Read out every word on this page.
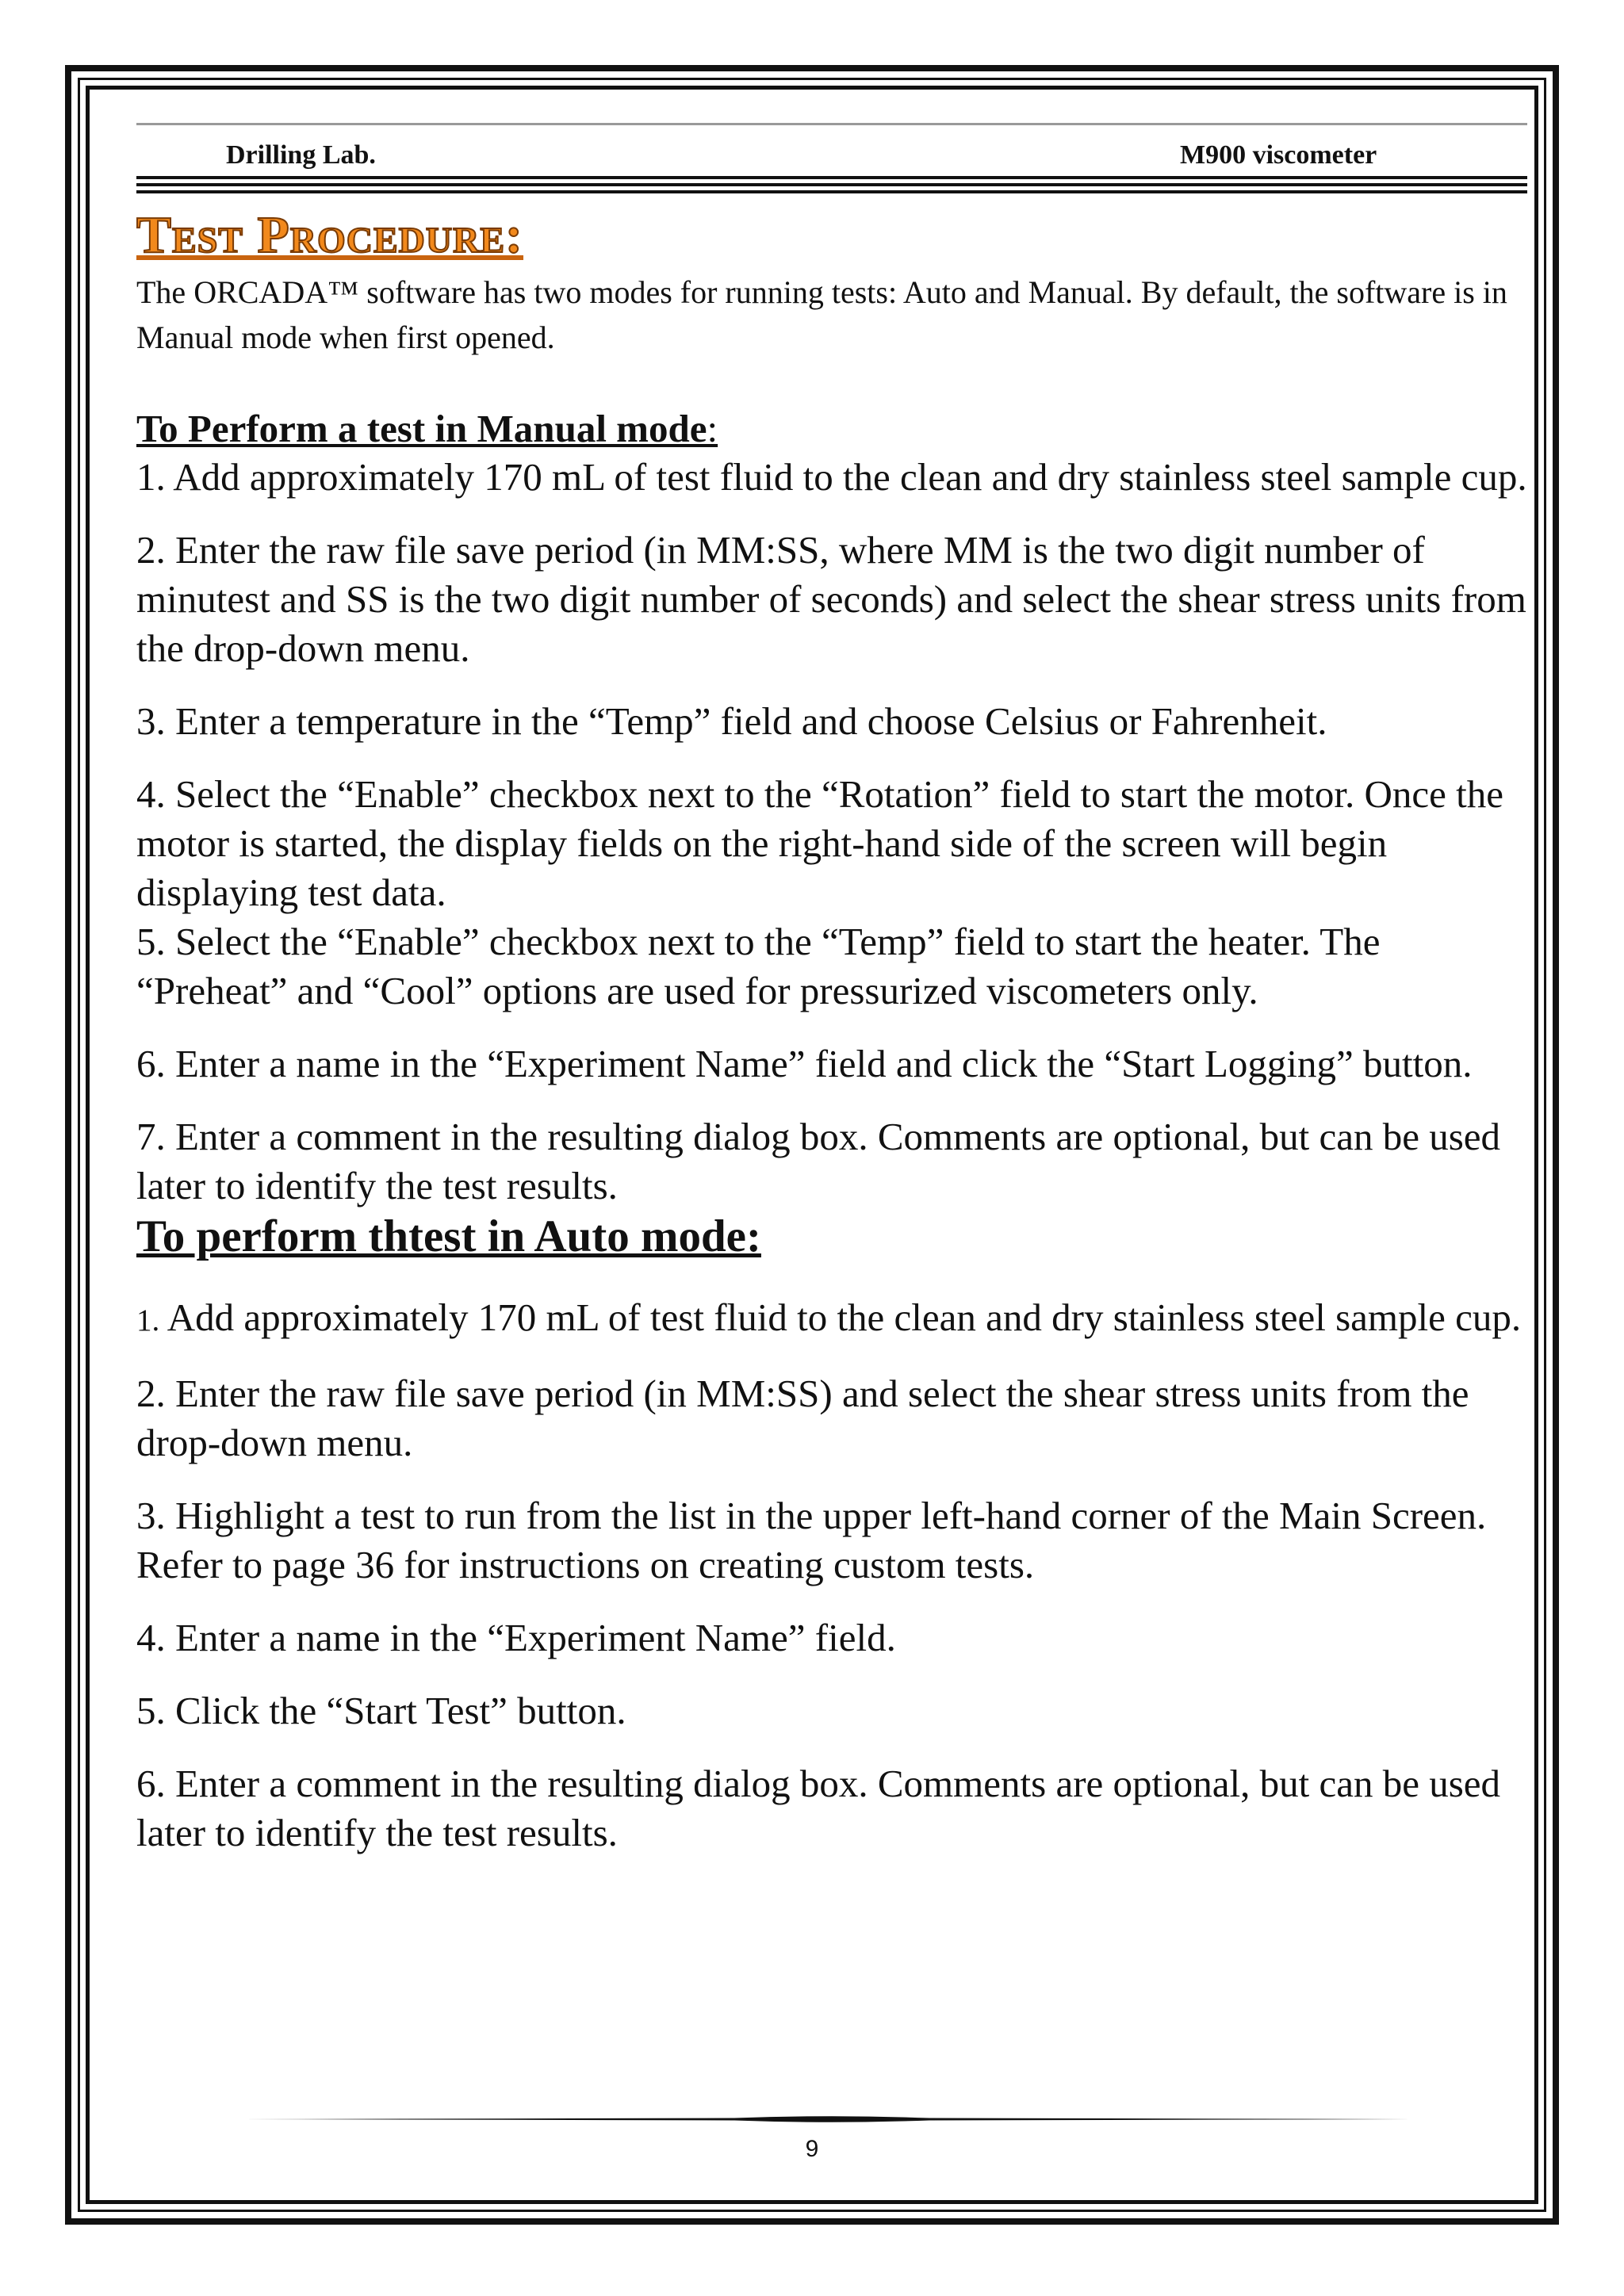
Drilling Lab.	M900 viscometer
Test Procedure:

The ORCADA™ software has two modes for running tests: Auto and Manual. By default, the software is in Manual mode when first opened.

To Perform a test in Manual mode:

1. Add approximately 170 mL of test fluid to the clean and dry stainless steel sample cup.

2. Enter the raw file save period (in MM:SS, where MM is the two digit number of minutest and SS is the two digit number of seconds) and select the shear stress units from the drop-down menu.

3. Enter a temperature in the “Temp” field and choose Celsius or Fahrenheit.

4. Select the “Enable” checkbox next to the “Rotation” field to start the motor. Once the motor is started, the display fields on the right-hand side of the screen will begin displaying test data.

5. Select the “Enable” checkbox next to the “Temp” field to start the heater. The “Preheat” and “Cool” options are used for pressurized viscometers only.

6. Enter a name in the “Experiment Name” field and click the “Start Logging” button.

7. Enter a comment in the resulting dialog box. Comments are optional, but can be used later to identify the test results.

To perform thtest in Auto mode:

1. Add approximately 170 mL of test fluid to the clean and dry stainless steel sample cup.

2. Enter the raw file save period (in MM:SS) and select the shear stress units from the drop-down menu.

3. Highlight a test to run from the list in the upper left-hand corner of the Main Screen. Refer to page 36 for instructions on creating custom tests.

4. Enter a name in the “Experiment Name” field.

5. Click the “Start Test” button.

6. Enter a comment in the resulting dialog box. Comments are optional, but can be used later to identify the test results.

9
